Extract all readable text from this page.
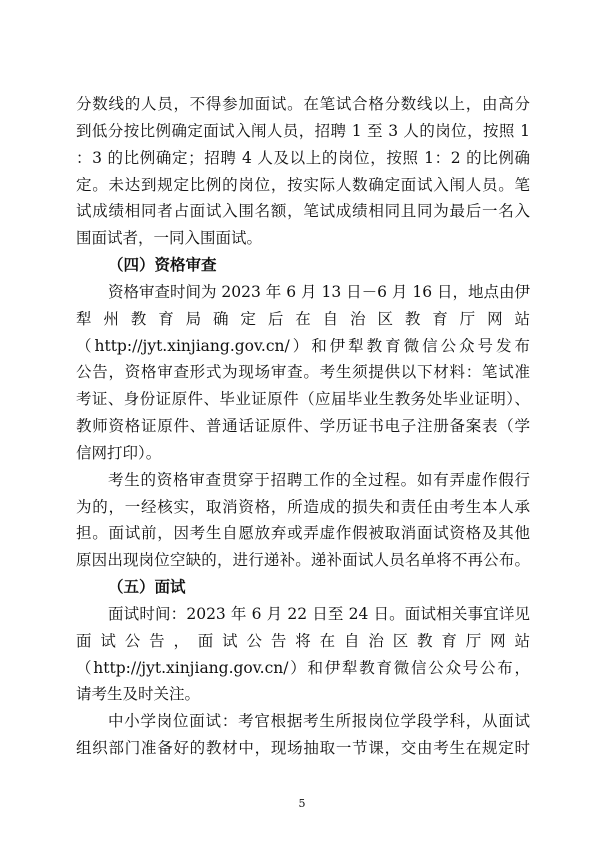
分数线的人员，不得参加面试。在笔试合格分数线以上，由高分
到低分按比例确定面试入闱人员，招聘 1 至 3 人的岗位，按照 1
：3 的比例确定；招聘 4 人及以上的岗位，按照 1：2 的比例确
定。未达到规定比例的岗位，按实际人数确定面试入闱人员。笔
试成绩相同者占面试入围名额，笔试成绩相同且同为最后一名入
围面试者，一同入围面试。
（四）资格审查
资格审查时间为 2023 年 6 月 13 日－6 月 16 日，地点由伊
犁 州 教 育 局 确 定 后 在 自 治 区 教 育 厅 网 站
（http://jyt.xinjiang.gov.cn/）和伊犁教育微信公众号发布
公告，资格审查形式为现场审查。考生须提供以下材料：笔试准
考证、身份证原件、毕业证原件（应届毕业生教务处毕业证明）、
教师资格证原件、普通话证原件、学历证书电子注册备案表（学
信网打印）。
考生的资格审查贯穿于招聘工作的全过程。如有弄虚作假行
为的，一经核实，取消资格，所造成的损失和责任由考生本人承
担。面试前，因考生自愿放弃或弄虚作假被取消面试资格及其他
原因出现岗位空缺的，进行递补。递补面试人员名单将不再公布。
（五）面试
面试时间：2023 年 6 月 22 日至 24 日。面试相关事宜详见
面 试 公 告 ， 面 试 公 告 将 在 自 治 区 教 育 厅 网 站
（http://jyt.xinjiang.gov.cn/）和伊犁教育微信公众号公布，
请考生及时关注。
中小学岗位面试：考官根据考生所报岗位学段学科，从面试
组织部门准备好的教材中，现场抽取一节课，交由考生在规定时
5
